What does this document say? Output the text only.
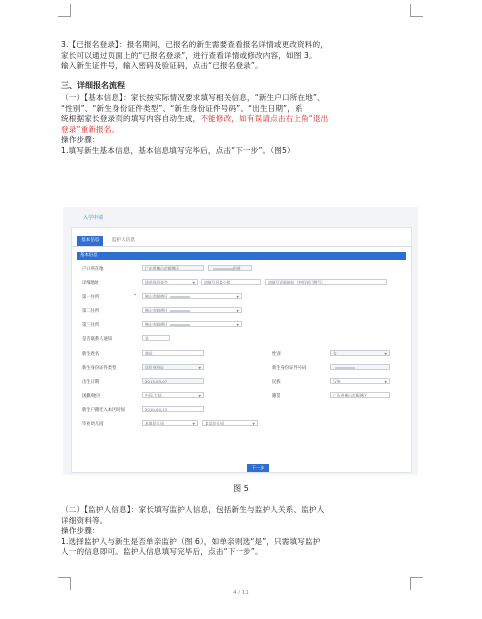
3.【已报名登录】：报名期间，已报名的新生需要查看报名详情或更改资料的，
家长可以通过页面上的“已报名登录”，进行查看详情或修改内容，如图 3。
输入新生证件号，输入密码及验证码，点击“已报名登录”。
三、详细报名流程
（一）【基本信息】：家长按实际情况要求填写相关信息，“新生户口所在地”、
“性别”、“新生身份证件类型”、“新生身份证件号码”、“出生日期”，系
统根据家长登录页的填写内容自动生成，不能修改，如有误请点击右上角“退出
登录”重新报名。
操作步骤：
1.填写新生基本信息，基本信息填写完毕后，点击“下一步”。（图5）
入学申请
基本信息	监护人信息
基本信息
户口所在地	广东省佛山市顺德区	街道
详细地址	请选择居委会	▼	请填写居委小组	请填写详细地址（村组到门牌号）
第一住所	*	佛山市顺德区	▼
第二住所	佛山市顺德区	▼
第三住所	佛山市顺德区	▼
是否联系人通知	是
新生姓名	测试	性别	女	▼
新生身份证件类型	居民身份证	▼	新生身份证件号码
出生日期	2013-03-07	民族	汉族	▼
国籍/地区	中国-大陆	▼	籍贯	广东省佛山市顺德区
新生户籍迁入本区时间	2010-04-13
毕业幼儿园	本镇幼儿园	▼	某某幼儿园	▼
下一步
图 5
（二）【监护人信息】：家长填写监护人信息，包括新生与监护人关系、监护人
详细资料等。
操作步骤：
1.选择监护人与新生是否单亲监护（图 6），如单亲则选“是”，只需填写监护
人一的信息即可。监护人信息填写完毕后，点击“下一步”。
4 / 11
